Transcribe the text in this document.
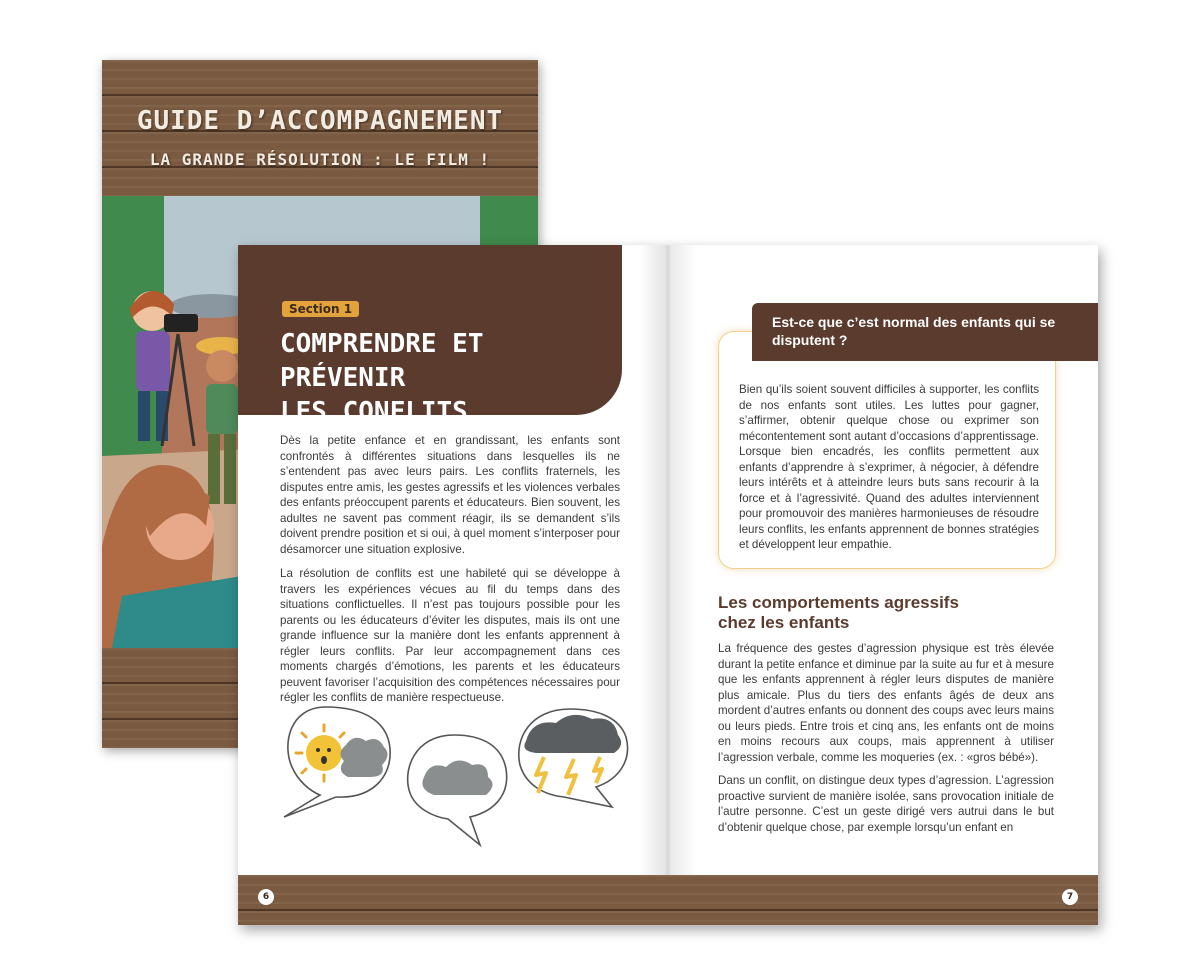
GUIDE D’ACCOMPAGNEMENT
LA GRANDE RÉSOLUTION : LE FILM !
Section 1
COMPRENDRE ET PRÉVENIR
LES CONFLITS

Dès la petite enfance et en grandissant, les enfants sont confrontés à différentes situations dans lesquelles ils ne s’entendent pas avec leurs pairs. Les conflits fraternels, les disputes entre amis, les gestes agressifs et les violences verbales des enfants préoccupent parents et éducateurs. Bien souvent, les adultes ne savent pas comment réagir, ils se demandent s’ils doivent prendre position et si oui, à quel moment s’interposer pour désamorcer une situation explosive.

La résolution de conflits est une habileté qui se développe à travers les expériences vécues au fil du temps dans des situations conflictuelles. Il n’est pas toujours possible pour les parents ou les éducateurs d’éviter les disputes, mais ils ont une grande influence sur la manière dont les enfants apprennent à régler leurs conflits. Par leur accompagnement dans ces moments chargés d’émotions, les parents et les éducateurs peuvent favoriser l’acquisition des compétences nécessaires pour régler les conflits de manière respectueuse.

Bien qu’ils soient souvent difficiles à supporter, les conflits de nos enfants sont utiles. Les luttes pour gagner, s’affirmer, obtenir quelque chose ou exprimer son mécontentement sont autant d’occasions d’apprentissage. Lorsque bien encadrés, les conflits permettent aux enfants d’apprendre à s’exprimer, à négocier, à défendre leurs intérêts et à atteindre leurs buts sans recourir à la force et à l’agressivité. Quand des adultes interviennent pour promouvoir des manières harmonieuses de résoudre leurs conflits, les enfants apprennent de bonnes stratégies et développent leur empathie.

Est-ce que c’est normal des enfants qui se disputent ?
Les comportements agressifs
chez les enfants

La fréquence des gestes d’agression physique est très élevée durant la petite enfance et diminue par la suite au fur et à mesure que les enfants apprennent à régler leurs disputes de manière plus amicale. Plus du tiers des enfants âgés de deux ans mordent d’autres enfants ou donnent des coups avec leurs mains ou leurs pieds. Entre trois et cinq ans, les enfants ont de moins en moins recours aux coups, mais apprennent à utiliser l’agression verbale, comme les moqueries (ex. : «gros bébé»).

Dans un conflit, on distingue deux types d’agression. L’agression proactive survient de manière isolée, sans provocation initiale de l’autre personne. C’est un geste dirigé vers autrui dans le but d’obtenir quelque chose, par exemple lorsqu’un enfant en

6	7
